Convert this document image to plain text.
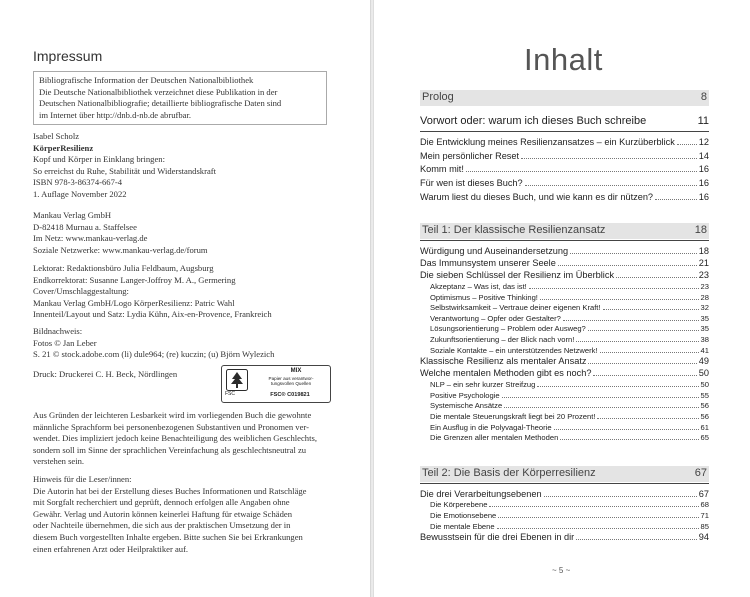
Impressum
Bibliografische Information der Deutschen Nationalbibliothek
Die Deutsche Nationalbibliothek verzeichnet diese Publikation in der
Deutschen Nationalbibliografie; detaillierte bibliografische Daten sind
im Internet über http://dnb.d-nb.de abrufbar.
Isabel Scholz
KörperResilienz
Kopf und Körper in Einklang bringen:
So erreichst du Ruhe, Stabilität und Widerstandskraft
ISBN 978-3-86374-667-4
1. Auflage November 2022
Mankau Verlag GmbH
D-82418 Murnau a. Staffelsee
Im Netz: www.mankau-verlag.de
Soziale Netzwerke: www.mankau-verlag.de/forum
Lektorat: Redaktionsbüro Julia Feldbaum, Augsburg
Endkorrektorat: Susanne Langer-Joffroy M. A., Germering
Cover/Umschlaggestaltung:
Mankau Verlag GmbH/Logo KörperResilienz: Patric Wahl
Innenteil/Layout und Satz: Lydia Kühn, Aix-en-Provence, Frankreich
Bildnachweis:
Fotos © Jan Leber
S. 21 © stock.adobe.com (li) dule964; (re) kuczin; (u) Björn Wylezich
Druck: Druckerei C. H. Beck, Nördlingen
FSC
MIX
Papier aus verantwor-
tungsvollen Quellen
FSC® C019821
Aus Gründen der leichteren Lesbarkeit wird im vorliegenden Buch die gewohnte
männliche Sprachform bei personenbezogenen Substantiven und Pronomen ver-
wendet. Dies impliziert jedoch keine Benachteiligung des weiblichen Geschlechts,
sondern soll im Sinne der sprachlichen Vereinfachung als geschlechtsneutral zu
verstehen sein.
Hinweis für die Leser/innen:
Die Autorin hat bei der Erstellung dieses Buches Informationen und Ratschläge
mit Sorgfalt recherchiert und geprüft, dennoch erfolgen alle Angaben ohne
Gewähr. Verlag und Autorin können keinerlei Haftung für etwaige Schäden
oder Nachteile übernehmen, die sich aus der praktischen Umsetzung der in
diesem Buch vorgestellten Inhalte ergeben. Bitte suchen Sie bei Erkrankungen
einen erfahrenen Arzt oder Heilpraktiker auf.
Inhalt
Prolog	8
Vorwort oder: warum ich dieses Buch schreibe	11
Die Entwicklung meines Resilienzansatzes – ein Kurzüberblick	12
Mein persönlicher Reset	14
Komm mit!	16
Für wen ist dieses Buch?	16
Warum liest du dieses Buch, und wie kann es dir nützen?	16
Teil 1: Der klassische Resilienzansatz	18
Würdigung und Auseinandersetzung	18
Das Immunsystem unserer Seele	21
Die sieben Schlüssel der Resilienz im Überblick	23
Akzeptanz – Was ist, das ist!	23
Optimismus – Positive Thinking!	28
Selbstwirksamkeit – Vertraue deiner eigenen Kraft!	32
Verantwortung – Opfer oder Gestalter?	35
Lösungsorientierung – Problem oder Ausweg?	35
Zukunftsorientierung – der Blick nach vorn!	38
Soziale Kontakte – ein unterstützendes Netzwerk!	41
Klassische Resilienz als mentaler Ansatz	49
Welche mentalen Methoden gibt es noch?	50
NLP – ein sehr kurzer Streifzug	50
Positive Psychologie	55
Systemische Ansätze	56
Die mentale Steuerungskraft liegt bei 20 Prozent!	56
Ein Ausflug in die Polyvagal-Theorie	61
Die Grenzen aller mentalen Methoden	65
Teil 2: Die Basis der Körperresilienz	67
Die drei Verarbeitungsebenen	67
Die Körperebene	68
Die Emotionsebene	71
Die mentale Ebene	85
Bewusstsein für die drei Ebenen in dir	94
~ 5 ~
